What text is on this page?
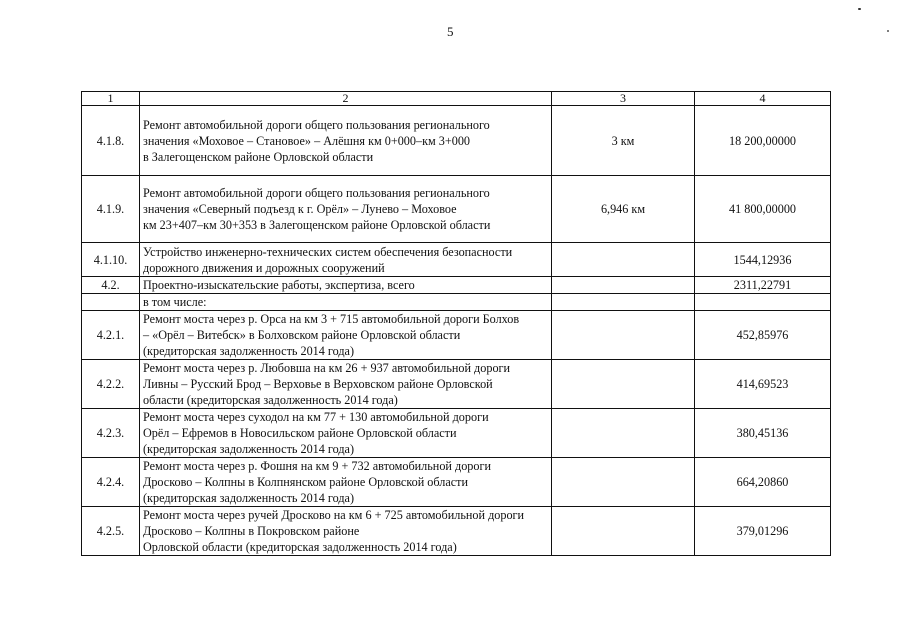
5
1	2	3	4
4.1.8.	Ремонт автомобильной дороги общего пользования регионального
значения «Моховое – Становое» – Алёшня км 0+000–км 3+000
в Залегощенском районе Орловской области	3 км	18 200,00000
4.1.9.	Ремонт автомобильной дороги общего пользования регионального
значения «Северный подъезд к г. Орёл» – Лунево – Моховое
км 23+407–км 30+353 в Залегощенском районе Орловской области	6,946 км	41 800,00000
4.1.10.	Устройство инженерно-технических систем обеспечения безопасности
дорожного движения и дорожных сооружений		1544,12936
4.2.	Проектно-изыскательские работы, экспертиза, всего		2311,22791

	в том числе:		

4.2.1.	Ремонт моста через р. Орса на км 3 + 715 автомобильной дороги Болхов
– «Орёл – Витебск» в Болховском районе Орловской области
(кредиторская задолженность 2014 года)		452,85976
4.2.2.	Ремонт моста через р. Любовша на км 26 + 937 автомобильной дороги
Ливны – Русский Брод – Верховье в Верховском районе Орловской
области (кредиторская задолженность 2014 года)		414,69523
4.2.3.	Ремонт моста через суходол на км 77 + 130 автомобильной дороги
Орёл – Ефремов в Новосильском районе Орловской области
(кредиторская задолженность 2014 года)		380,45136
4.2.4.	Ремонт моста через р. Фошня на км 9 + 732 автомобильной дороги
Дросково – Колпны в Колпнянском районе Орловской области
(кредиторская задолженность 2014 года)		664,20860
4.2.5.	Ремонт моста через ручей Дросково на км 6 + 725 автомобильной дороги
Дросково – Колпны в Покровском районе
Орловской области (кредиторская задолженность 2014 года)		379,01296
